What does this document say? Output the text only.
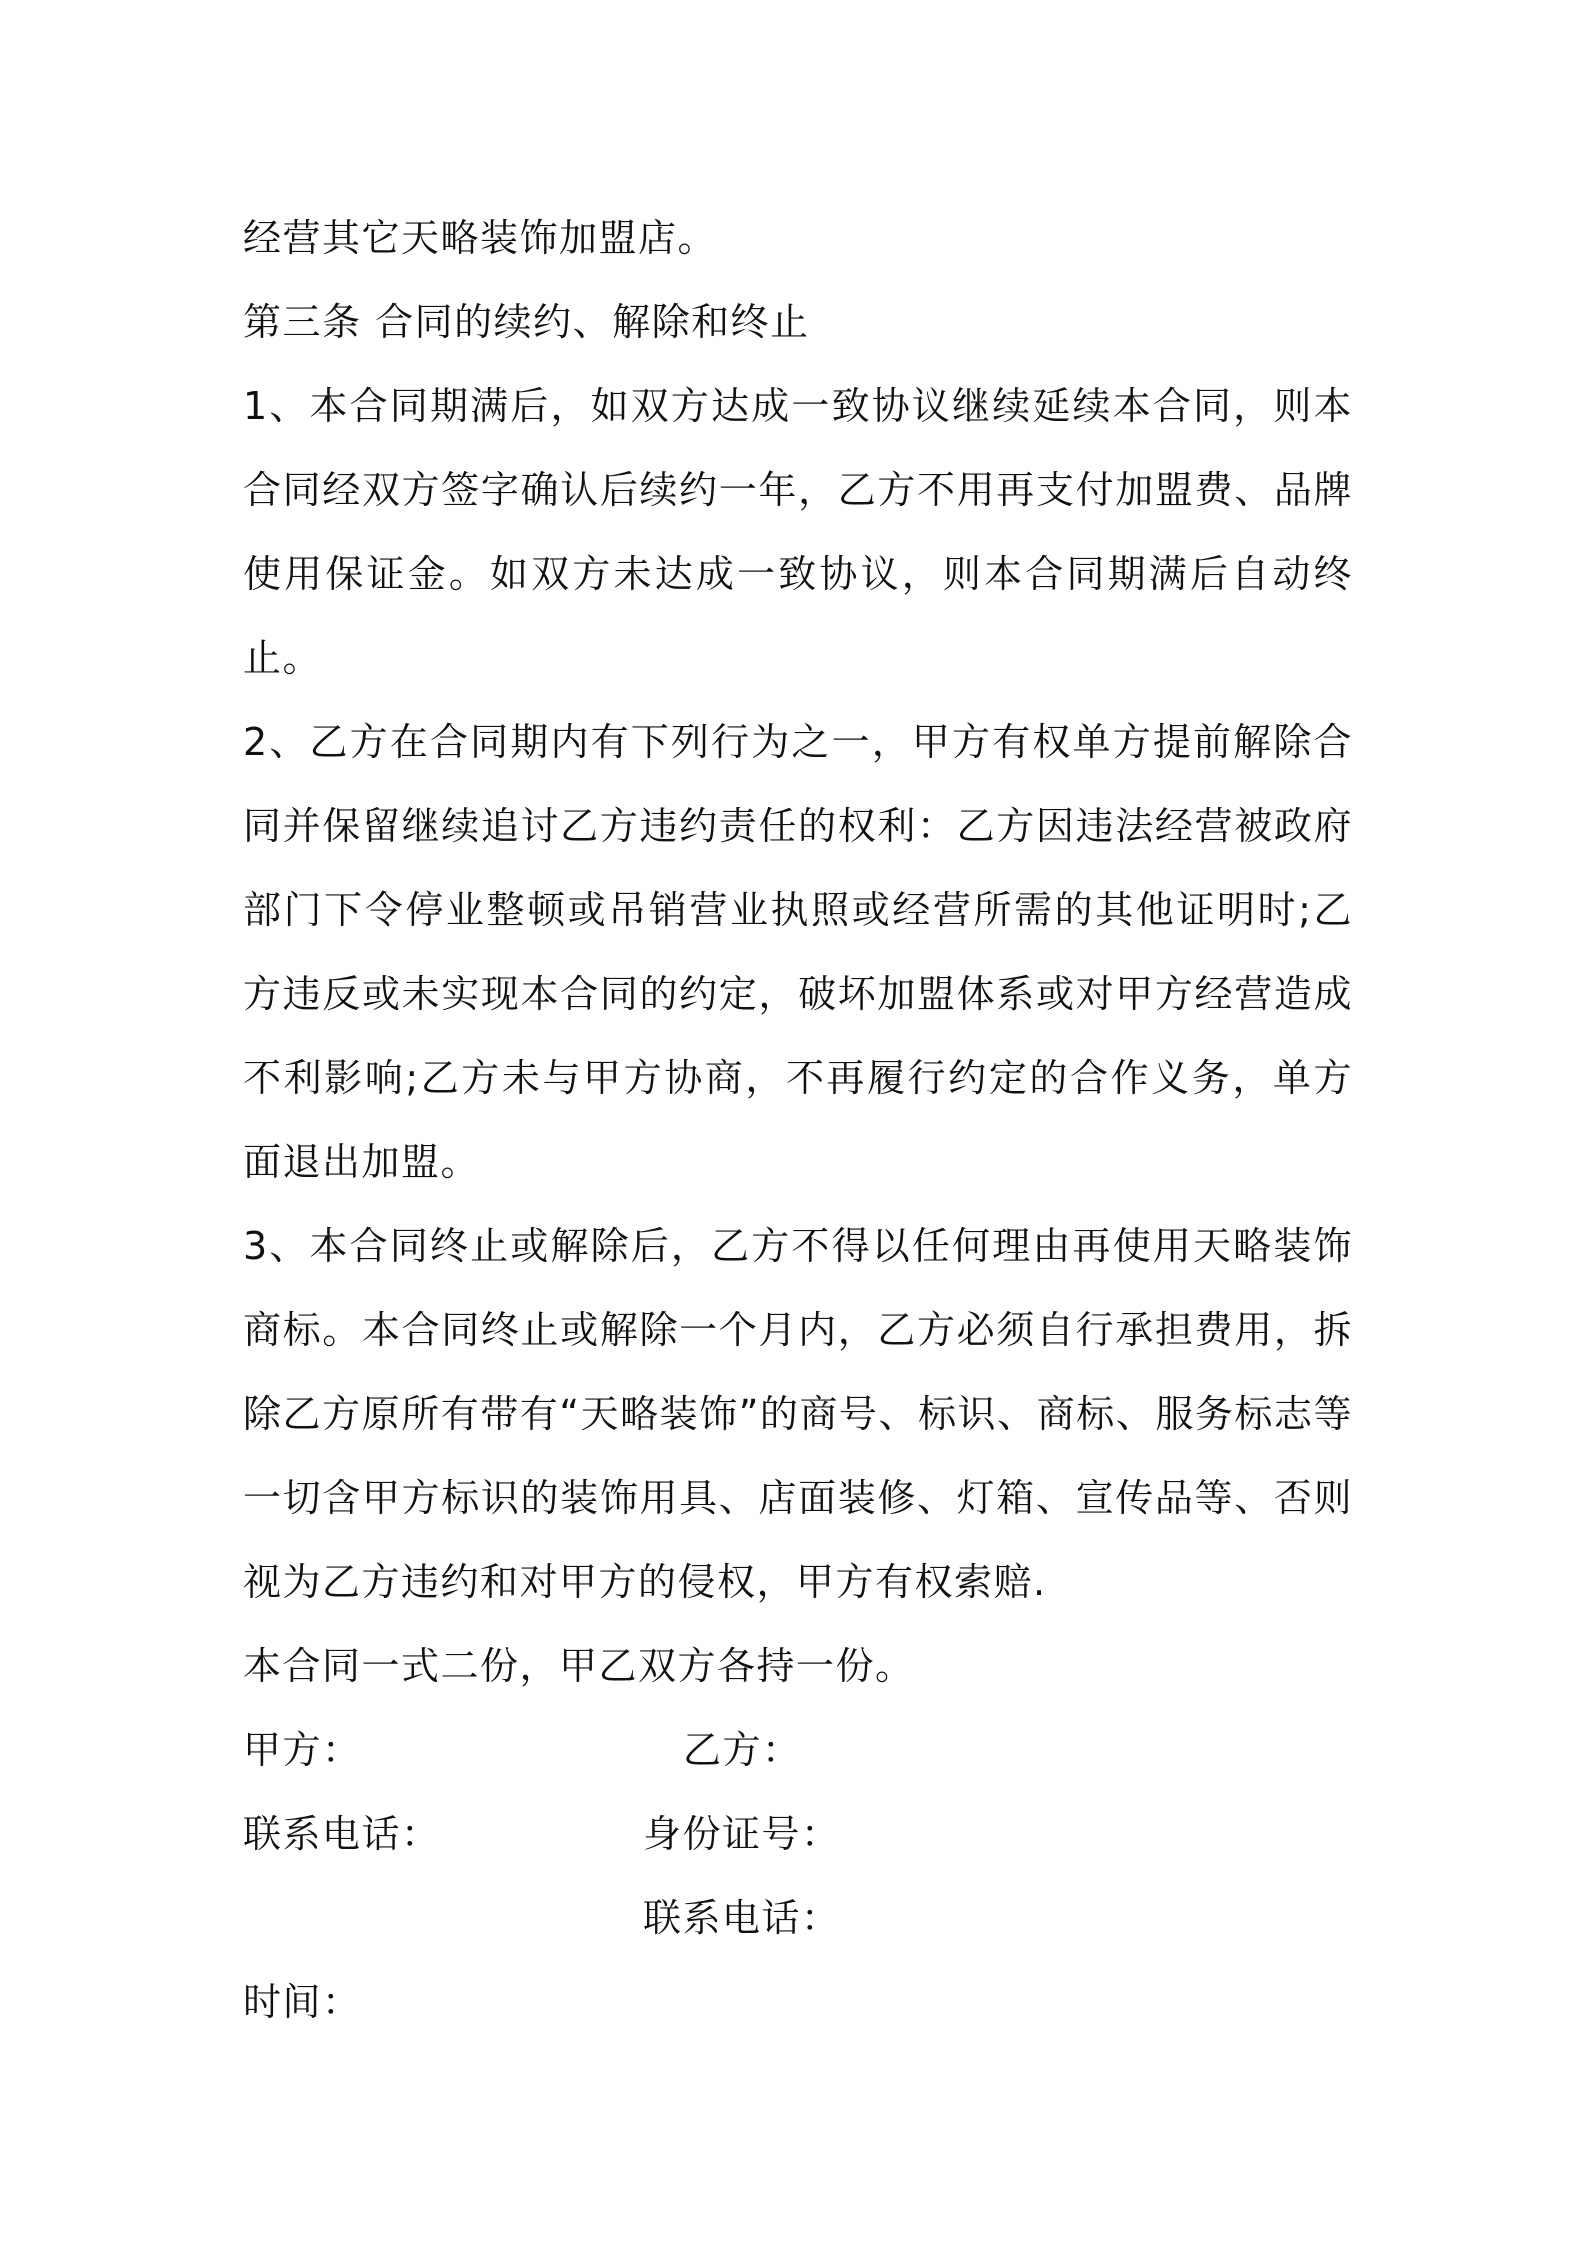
经营其它天略装饰加盟店。

第三条 合同的续约、解除和终止

1、本合同期满后，如双方达成一致协议继续延续本合同，则本合同经双方签字确认后续约一年，乙方不用再支付加盟费、品牌使用保证金。如双方未达成一致协议，则本合同期满后自动终止。

2、乙方在合同期内有下列行为之一，甲方有权单方提前解除合同并保留继续追讨乙方违约责任的权利：乙方因违法经营被政府部门下令停业整顿或吊销营业执照或经营所需的其他证明时;乙方违反或未实现本合同的约定，破坏加盟体系或对甲方经营造成不利影响;乙方未与甲方协商，不再履行约定的合作义务，单方面退出加盟。

3、本合同终止或解除后，乙方不得以任何理由再使用天略装饰商标。本合同终止或解除一个月内，乙方必须自行承担费用，拆除乙方原所有带有“天略装饰”的商号、标识、商标、服务标志等一切含甲方标识的装饰用具、店面装修、灯箱、宣传品等、否则视为乙方违约和对甲方的侵权，甲方有权索赔.

本合同一式二份，甲乙双方各持一份。

甲方：	乙方：
联系电话：	身份证号：
联系电话：
时间：
